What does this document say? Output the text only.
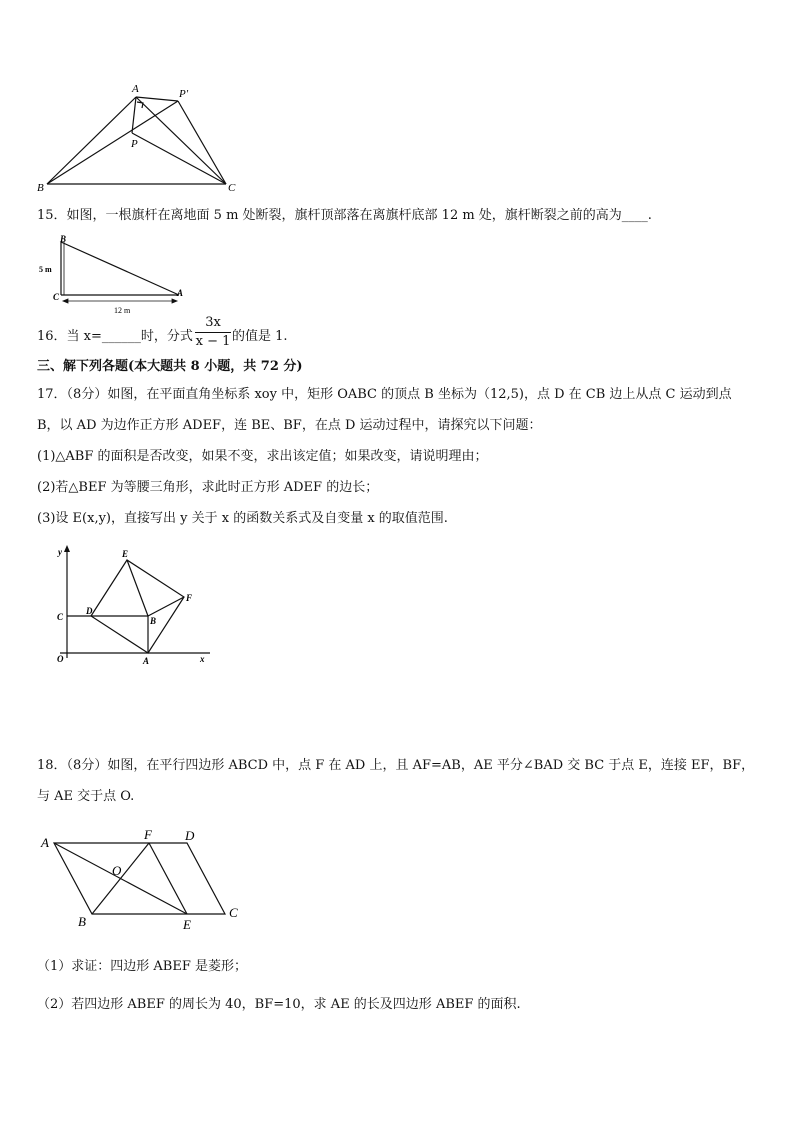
A	P'
P
B	C
15．如图，一根旗杆在离地面 5 m 处断裂，旗杆顶部落在离旗杆底部 12 m 处，旗杆断裂之前的高为____.
B
C	A
5 m
12 m
16．当 x=______时，分式
3x
x − 1 的值是 1.
三、解下列各题(本大题共 8 小题，共 72 分)
17．（8分）如图，在平面直角坐标系 xoy 中，矩形 OABC 的顶点 B 坐标为（12,5)，点 D 在 CB 边上从点 C 运动到点
B，以 AD 为边作正方形 ADEF，连 BE、BF，在点 D 运动过程中，请探究以下问题：
(1)△ABF 的面积是否改变，如果不变，求出该定值；如果改变，请说明理由；
(2)若△BEF 为等腰三角形，求此时正方形 ADEF 的边长；
(3)设 E(x,y)，直接写出 y 关于 x 的函数关系式及自变量 x 的取值范围.
y
x
O
C
D
E
F
B
A
18．（8分）如图，在平行四边形 ABCD 中，点 F 在 AD 上，且 AF=AB，AE 平分∠BAD 交 BC 于点 E，连接 EF，BF，
与 AE 交于点 O.
A
F	D
O
B	E
C
（1）求证：四边形 ABEF 是菱形；
（2）若四边形 ABEF 的周长为 40，BF=10，求 AE 的长及四边形 ABEF 的面积.
